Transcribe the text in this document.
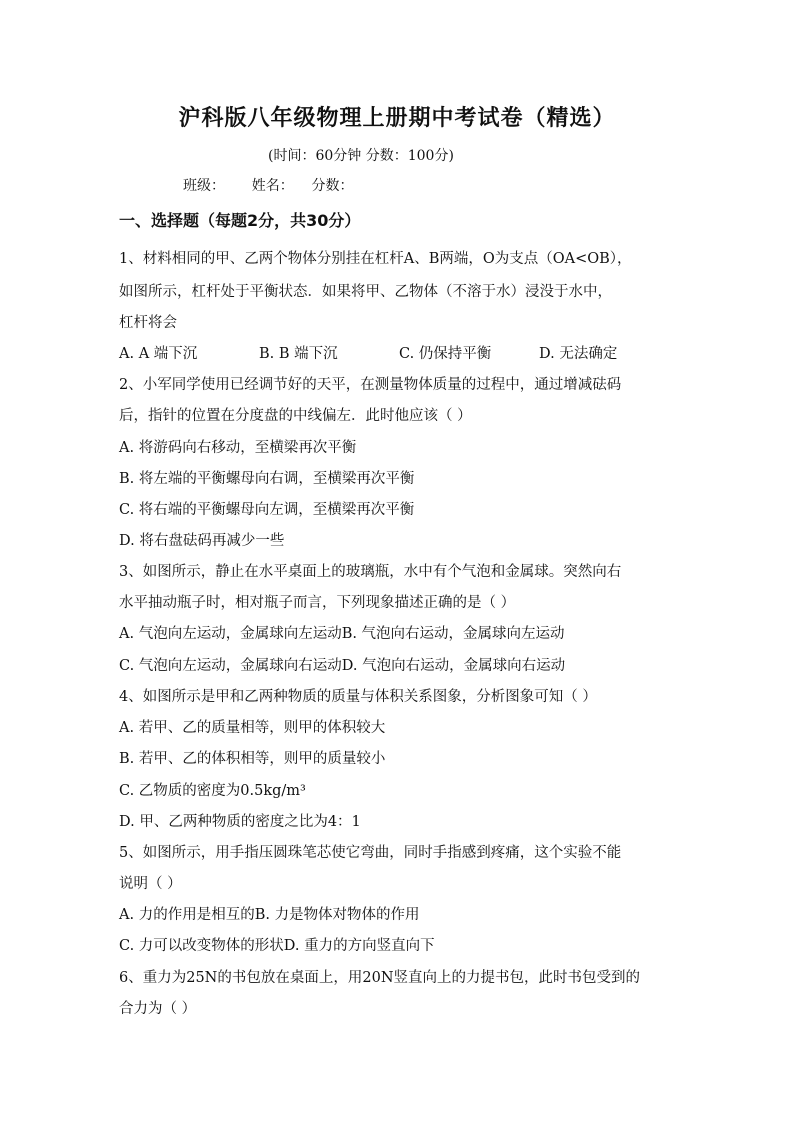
沪科版八年级物理上册期中考试卷（精选）
(时间：60分钟 分数：100分)
班级：      姓名：    分数：
一、选择题（每题2分，共30分）
1、材料相同的甲、乙两个物体分别挂在杠杆A、B两端，O为支点（OA<OB），
如图所示，杠杆处于平衡状态．如果将甲、乙物体（不溶于水）浸没于水中，
杠杆将会
A. A 端下沉	B. B 端下沉	C. 仍保持平衡	D. 无法确定
2、小军同学使用已经调节好的天平，在测量物体质量的过程中，通过增减砝码
后，指针的位置在分度盘的中线偏左．此时他应该（ ）
A. 将游码向右移动，至横梁再次平衡
B. 将左端的平衡螺母向右调，至横梁再次平衡
C. 将右端的平衡螺母向左调，至横梁再次平衡
D. 将右盘砝码再减少一些
3、如图所示，静止在水平桌面上的玻璃瓶，水中有个气泡和金属球。突然向右
水平抽动瓶子时，相对瓶子而言，下列现象描述正确的是（ ）
A. 气泡向左运动，金属球向左运动B. 气泡向右运动，金属球向左运动
C. 气泡向左运动，金属球向右运动D. 气泡向右运动，金属球向右运动
4、如图所示是甲和乙两种物质的质量与体积关系图象，分析图象可知（ ）
A. 若甲、乙的质量相等，则甲的体积较大
B. 若甲、乙的体积相等，则甲的质量较小
C. 乙物质的密度为0.5kg/m³
D. 甲、乙两种物质的密度之比为4：1
5、如图所示，用手指压圆珠笔芯使它弯曲，同时手指感到疼痛，这个实验不能
说明（ ）
A. 力的作用是相互的B. 力是物体对物体的作用
C. 力可以改变物体的形状D. 重力的方向竖直向下
6、重力为25N的书包放在桌面上，用20N竖直向上的力提书包，此时书包受到的
合力为（ ）
